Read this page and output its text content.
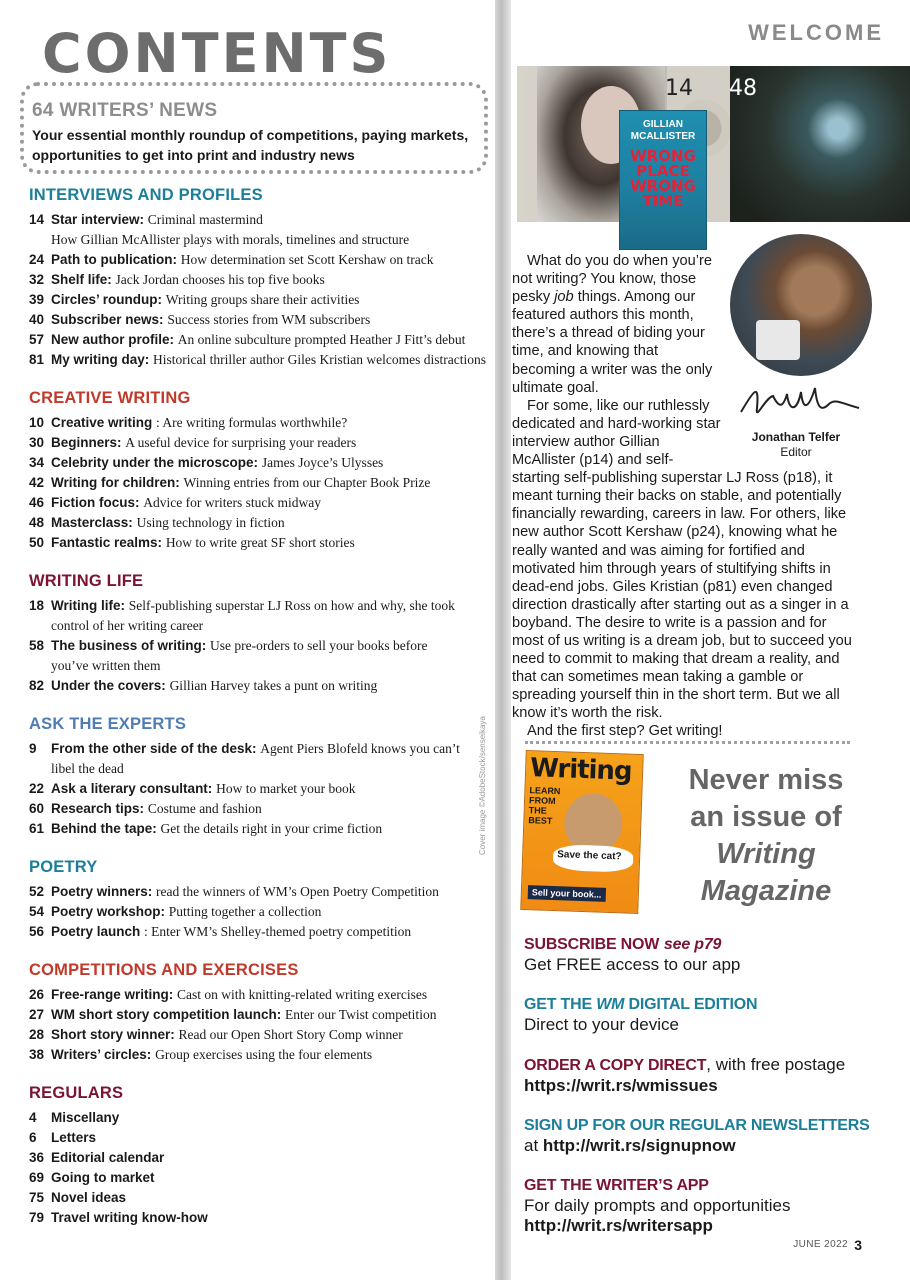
CONTENTS
64 WRITERS’ NEWS
Your essential monthly roundup of competitions, paying markets, opportunities to get into print and industry news
INTERVIEWS AND PROFILES
14 Star interview: Criminal mastermind
How Gillian McAllister plays with morals, timelines and structure
24 Path to publication: How determination set Scott Kershaw on track
32 Shelf life: Jack Jordan chooses his top five books
39 Circles’ roundup: Writing groups share their activities
40 Subscriber news: Success stories from WM subscribers
57 New author profile: An online subculture prompted Heather J Fitt’s debut
81 My writing day: Historical thriller author Giles Kristian welcomes distractions
CREATIVE WRITING
10 Creative writing : Are writing formulas worthwhile?
30 Beginners: A useful device for surprising your readers
34 Celebrity under the microscope: James Joyce’s Ulysses
42 Writing for children: Winning entries from our Chapter Book Prize
46 Fiction focus: Advice for writers stuck midway
48 Masterclass: Using technology in fiction
50 Fantastic realms: How to write great SF short stories
WRITING LIFE
18 Writing life: Self-publishing superstar LJ Ross on how and why, she took
control of her writing career
58 The business of writing: Use pre-orders to sell your books before
you’ve written them
82 Under the covers: Gillian Harvey takes a punt on writing
ASK THE EXPERTS
9	From the other side of the desk: Agent Piers Blofeld knows you can’t
libel the dead
22 Ask a literary consultant: How to market your book
60 Research tips: Costume and fashion
61 Behind the tape: Get the details right in your crime fiction
POETRY
52 Poetry winners: read the winners of WM’s Open Poetry Competition
54 Poetry workshop: Putting together a collection
56 Poetry launch : Enter WM’s Shelley-themed poetry competition
COMPETITIONS AND EXERCISES
26 Free-range writing: Cast on with knitting-related writing exercises
27 WM short story competition launch: Enter our Twist competition
28 Short story winner: Read our Open Short Story Comp winner
38 Writers’ circles: Group exercises using the four elements
REGULARS
4	Miscellany
6	Letters
36 Editorial calendar
69 Going to market
75 Novel ideas
79 Travel writing know-how
Cover image ©AdobeStock/senseikaya
WELCOME
14 48
GILLIAN MCALLISTER
WRONG PLACE WRONG TIME
Jonathan Telfer
Editor

What do you do when you’re not writing? You know, those pesky job things. Among our featured authors this month, there’s a thread of biding your time, and knowing that becoming a writer was the only ultimate goal.

For some, like our ruthlessly dedicated and hard-working star interview author Gillian McAllister (p14) and self-

starting self-publishing superstar LJ Ross (p18), it meant turning their backs on stable, and potentially financially rewarding, careers in law. For others, like new author Scott Kershaw (p24), knowing what he really wanted and was aiming for fortified and motivated him through years of stultifying shifts in dead-end jobs. Giles Kristian (p81) even changed direction drastically after starting out as a singer in a boyband. The desire to write is a passion and for most of us writing is a dream job, but to succeed you need to commit to making that dream a reality, and that can sometimes mean taking a gamble or spreading yourself thin in the short term. But we all know it’s worth the risk.

And the first step? Get writing!

Writing
LEARN FROM THE BEST
Save the cat?
Sell your book...
Never miss
an issue of
Writing
Magazine
SUBSCRIBE NOW see p79
Get FREE access to our app
GET THE WM DIGITAL EDITION
Direct to your device
ORDER A COPY DIRECT, with free postage
https://writ.rs/wmissues
SIGN UP FOR OUR REGULAR NEWSLETTERS
at http://writ.rs/signupnow
GET THE WRITER’S APP
For daily prompts and opportunities
http://writ.rs/writersapp
JUNE 2022 3
